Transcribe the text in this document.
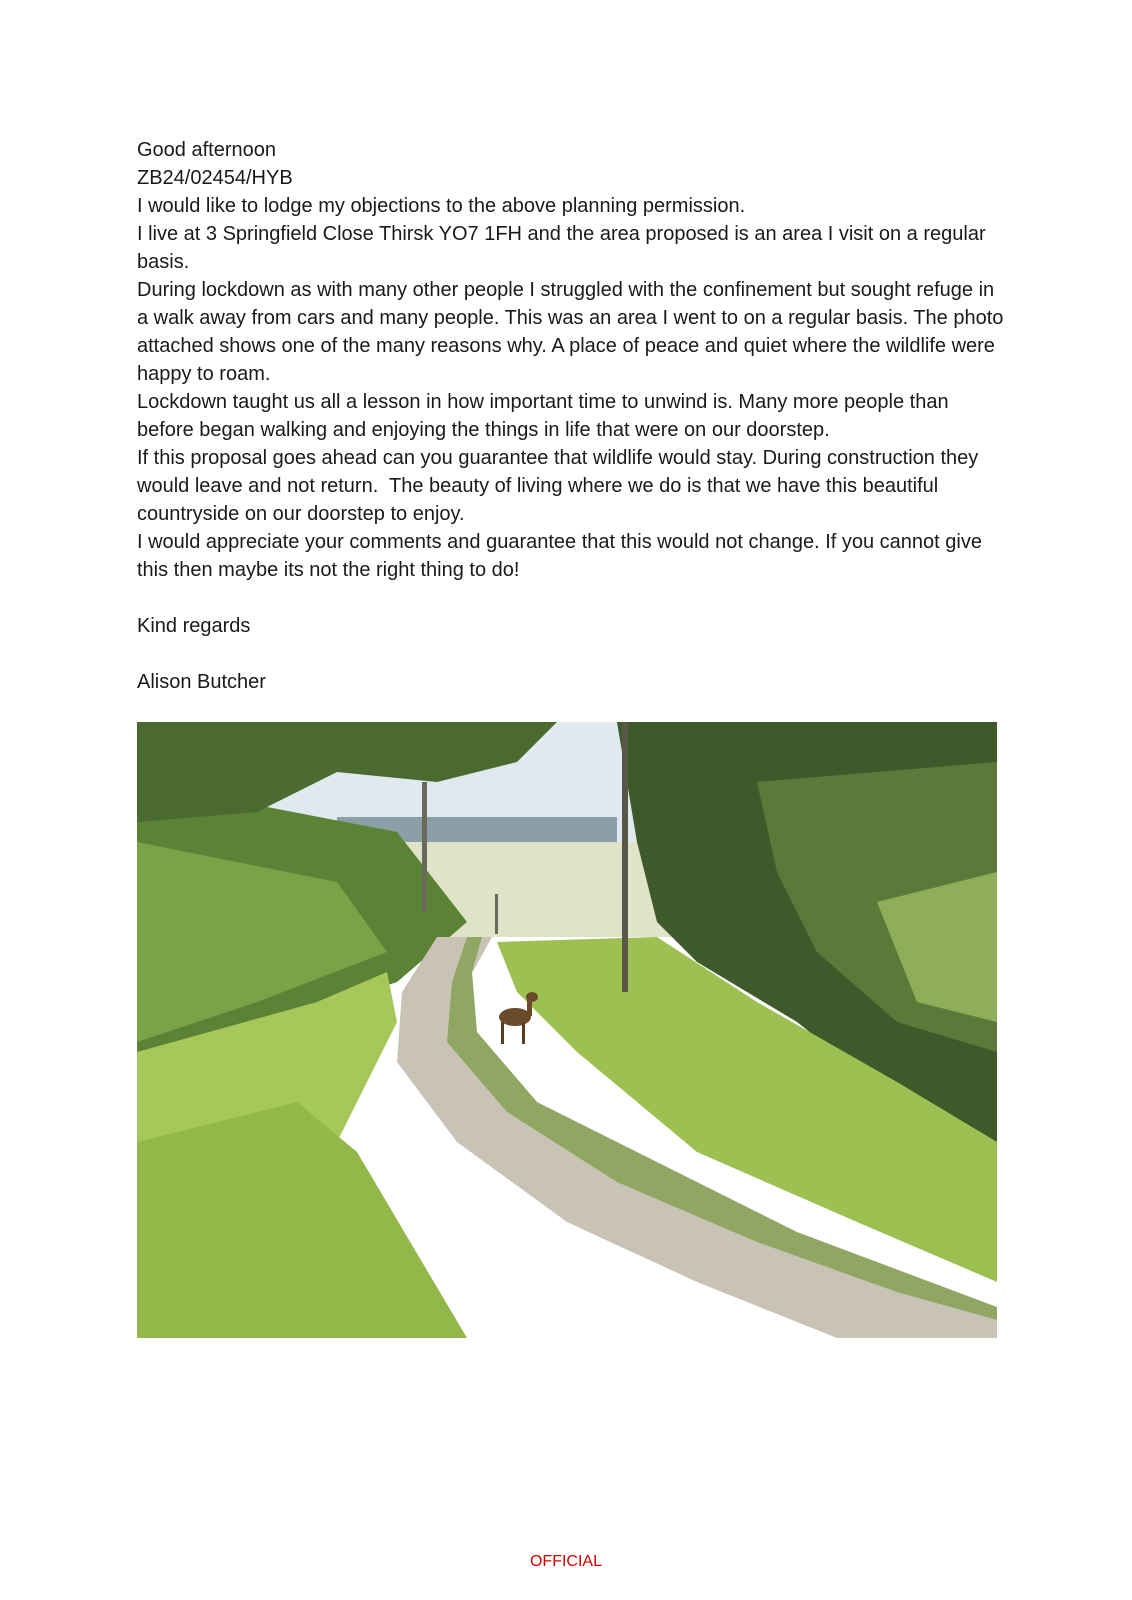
Good afternoon
ZB24/02454/HYB
I would like to lodge my objections to the above planning permission.
I live at 3 Springfield Close Thirsk YO7 1FH and the area proposed is an area I visit on a regular basis.
During lockdown as with many other people I struggled with the confinement but sought refuge in a walk away from cars and many people. This was an area I went to on a regular basis. The photo attached shows one of the many reasons why. A place of peace and quiet where the wildlife were happy to roam.
Lockdown taught us all a lesson in how important time to unwind is. Many more people than before began walking and enjoying the things in life that were on our doorstep.
If this proposal goes ahead can you guarantee that wildlife would stay. During construction they would leave and not return.  The beauty of living where we do is that we have this beautiful countryside on our doorstep to enjoy.
I would appreciate your comments and guarantee that this would not change. If you cannot give this then maybe its not the right thing to do!
Kind regards
Alison Butcher
OFFICIAL
